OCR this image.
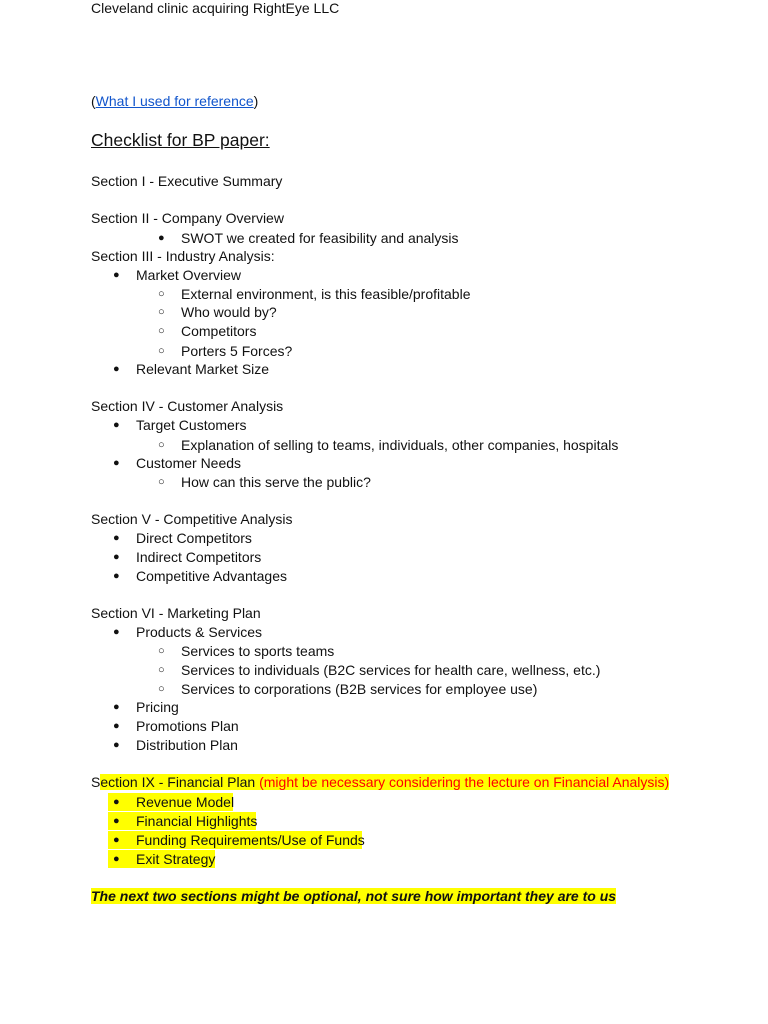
Cleveland clinic acquiring RightEye LLC
(What I used for reference)
Checklist for BP paper:
Section I - Executive Summary
Section II - Company Overview
● SWOT we created for feasibility and analysis
Section III - Industry Analysis:
● Market Overview
○ External environment, is this feasible/profitable
○ Who would by?
○ Competitors
○ Porters 5 Forces?
● Relevant Market Size
Section IV - Customer Analysis
● Target Customers
○ Explanation of selling to teams, individuals, other companies, hospitals
● Customer Needs
○ How can this serve the public?
Section V - Competitive Analysis
● Direct Competitors
● Indirect Competitors
● Competitive Advantages
Section VI - Marketing Plan
● Products & Services
○ Services to sports teams
○ Services to individuals (B2C services for health care, wellness, etc.)
○ Services to corporations (B2B services for employee use)
● Pricing
● Promotions Plan
● Distribution Plan
Section IX - Financial Plan (might be necessary considering the lecture on Financial Analysis)
● Revenue Model
● Financial Highlights
● Funding Requirements/Use of Funds
● Exit Strategy
The next two sections might be optional, not sure how important they are to us
